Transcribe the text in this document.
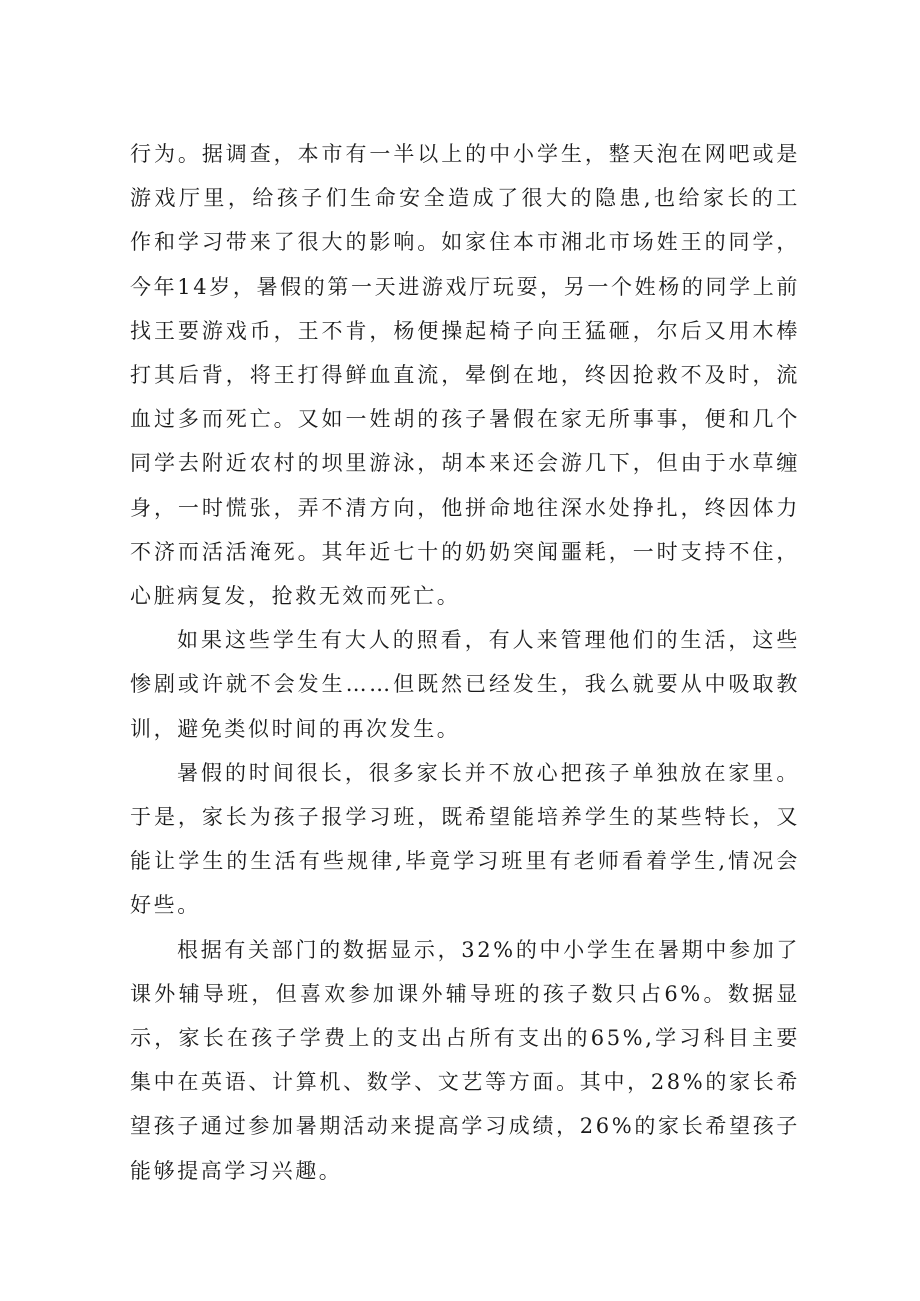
行为。据调查，本市有一半以上的中小学生，整天泡在网吧或是游戏厅里，给孩子们生命安全造成了很大的隐患,也给家长的工作和学习带来了很大的影响。如家住本市湘北市场姓王的同学，今年14岁，暑假的第一天进游戏厅玩耍，另一个姓杨的同学上前找王要游戏币，王不肯，杨便操起椅子向王猛砸，尔后又用木棒打其后背，将王打得鲜血直流，晕倒在地，终因抢救不及时，流血过多而死亡。又如一姓胡的孩子暑假在家无所事事，便和几个同学去附近农村的坝里游泳，胡本来还会游几下，但由于水草缠身，一时慌张，弄不清方向，他拼命地往深水处挣扎，终因体力不济而活活淹死。其年近七十的奶奶突闻噩耗，一时支持不住，心脏病复发，抢救无效而死亡。

如果这些学生有大人的照看，有人来管理他们的生活，这些惨剧或许就不会发生……但既然已经发生，我么就要从中吸取教训，避免类似时间的再次发生。

暑假的时间很长，很多家长并不放心把孩子单独放在家里。于是，家长为孩子报学习班，既希望能培养学生的某些特长，又能让学生的生活有些规律,毕竟学习班里有老师看着学生,情况会好些。

根据有关部门的数据显示，32%的中小学生在暑期中参加了课外辅导班，但喜欢参加课外辅导班的孩子数只占6%。数据显示，家长在孩子学费上的支出占所有支出的65%,学习科目主要集中在英语、计算机、数学、文艺等方面。其中，28%的家长希望孩子通过参加暑期活动来提高学习成绩，26%的家长希望孩子能够提高学习兴趣。
